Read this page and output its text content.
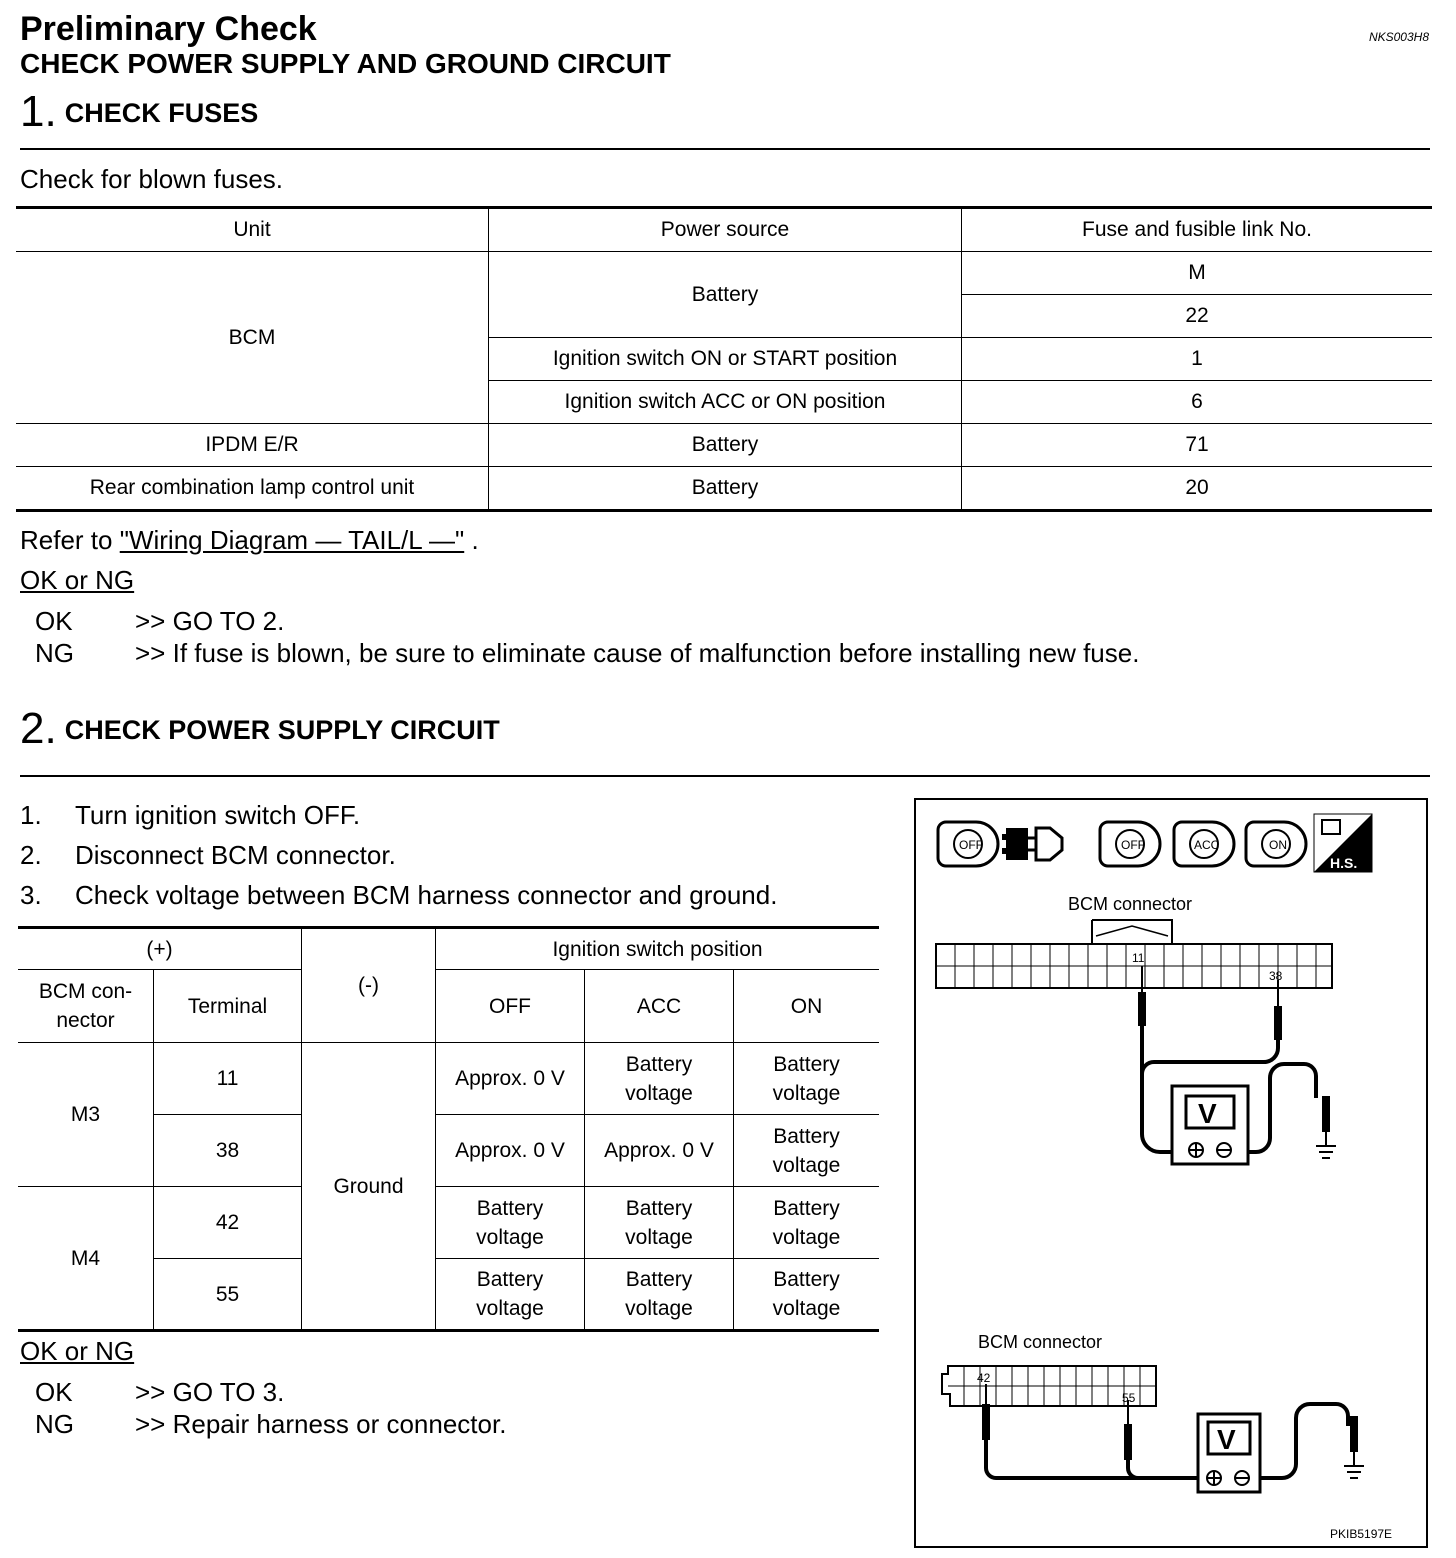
Preliminary Check
CHECK POWER SUPPLY AND GROUND CIRCUIT
NKS003H8
1. CHECK FUSES
Check for blown fuses.
Unit	Power source	Fuse and fusible link No.
BCM	Battery	M
		22
	Ignition switch ON or START position	1
	Ignition switch ACC or ON position	6
IPDM E/R	Battery	71
Rear combination lamp control unit	Battery	20
Refer to "Wiring Diagram — TAIL/L —" .
OK or NG
OK >> GO TO 2.
NG >> If fuse is blown, be sure to eliminate cause of malfunction before installing new fuse.
2. CHECK POWER SUPPLY CIRCUIT
1. Turn ignition switch OFF.
2. Disconnect BCM connector.
3. Check voltage between BCM harness connector and ground.
(+)		(-)	Ignition switch position		
BCM con-
nector	Terminal		OFF	ACC	ON
M3	11	Ground	Approx. 0 V	Battery voltage	Battery voltage

	38		Approx. 0 V	Approx. 0 V	Battery voltage

M4	42		Battery voltage	Battery voltage	Battery voltage

	55		Battery voltage	Battery voltage	Battery voltage
OK or NG
OK >> GO TO 3.
NG >> Repair harness or connector.
OFF	OFF	ACC	ON
H.S.
BCM connector
11
38
V
BCM connector
42
55
V
PKIB5197E
